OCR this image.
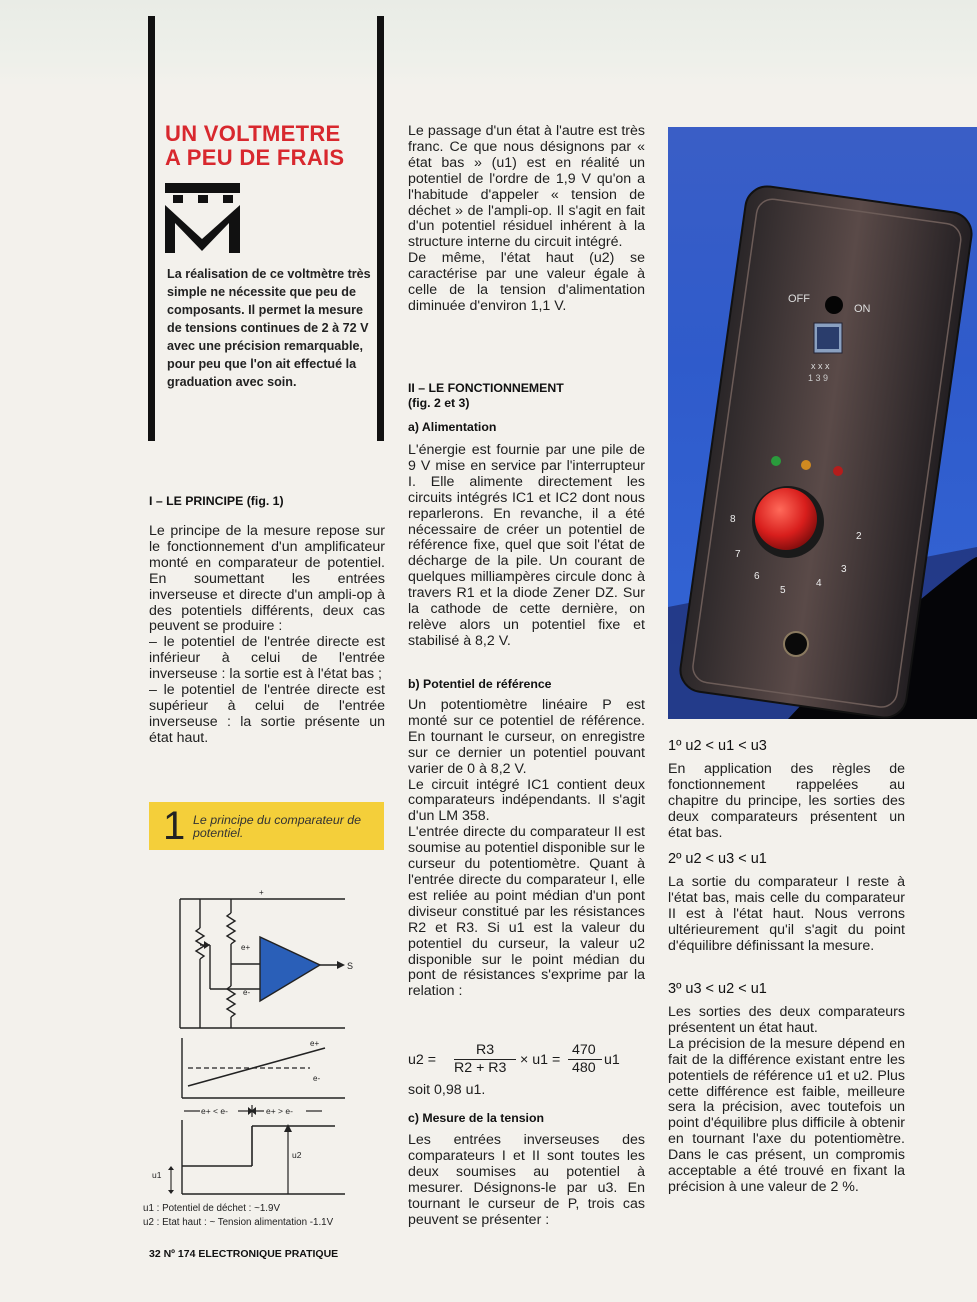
UN VOLTMETRE
A PEU DE FRAIS
La réalisation de ce voltmètre très simple ne nécessite que peu de composants. Il permet la mesure de tensions continues de 2 à 72 V avec une précision remarquable, pour peu que l'on ait effectué la graduation avec soin.
I – LE PRINCIPE (fig. 1)

Le principe de la mesure repose sur le fonctionnement d'un amplificateur monté en comparateur de potentiel. En soumettant les entrées inverseuse et directe d'un ampli-op à des potentiels différents, deux cas peuvent se produire :

– le potentiel de l'entrée directe est inférieur à celui de l'entrée inverseuse : la sortie est à l'état bas ;

– le potentiel de l'entrée directe est supérieur à celui de l'entrée inverseuse : la sortie présente un état haut.

1 Le principe du comparateur de potentiel.
+
e+
e-
S
e+
e-
e+ < e-	e+ > e-
u2
u1
u1 : Potentiel de déchet : ~1.9V
u2 : Etat haut : ~ Tension alimentation -1.1V
32 Nº 174 ELECTRONIQUE PRATIQUE

Le passage d'un état à l'autre est très franc. Ce que nous désignons par « état bas » (u1) est en réalité un potentiel de l'ordre de 1,9 V qu'on a l'habitude d'appeler « tension de déchet » de l'ampli-op. Il s'agit en fait d'un potentiel résiduel inhérent à la structure interne du circuit intégré.

De même, l'état haut (u2) se caractérise par une valeur égale à celle de la tension d'alimentation diminuée d'environ 1,1 V.

II – LE FONCTIONNEMENT
(fig. 2 et 3)
a) Alimentation
L'énergie est fournie par une pile de 9 V mise en service par l'interrupteur I. Elle alimente directement les circuits intégrés IC1 et IC2 dont nous reparlerons. En revanche, il a été nécessaire de créer un potentiel de référence fixe, quel que soit l'état de décharge de la pile. Un courant de quelques milliampères circule donc à travers R1 et la diode Zener DZ. Sur la cathode de cette dernière, on relève alors un potentiel fixe et stabilisé à 8,2 V.
b) Potentiel de référence

Un potentiomètre linéaire P est monté sur ce potentiel de référence. En tournant le curseur, on enregistre sur ce dernier un potentiel pouvant varier de 0 à 8,2 V.

Le circuit intégré IC1 contient deux comparateurs indépendants. Il s'agit d'un LM 358.

L'entrée directe du comparateur II est soumise au potentiel disponible sur le curseur du potentiomètre. Quant à l'entrée directe du comparateur I, elle est reliée au point médian d'un pont diviseur constitué par les résistances R2 et R3. Si u1 est la valeur du potentiel du curseur, la valeur u2 disponible sur le point médian du pont de résistances s'exprime par la relation :

u2 =
R3
R2 + R3 × u1 =
470
480 u1
soit 0,98 u1.
c) Mesure de la tension
Les entrées inverseuses des comparateurs I et II sont toutes les deux soumises au potentiel à mesurer. Désignons-le par u3. En tournant le curseur de P, trois cas peuvent se présenter :
OFF
ON
x x x
1 3 9
8
7
6
5
4
3
2
1º u2 < u1 < u3
En application des règles de fonctionnement rappelées au chapitre du principe, les sorties des deux comparateurs présentent un état bas.
2º u2 < u3 < u1
La sortie du comparateur I reste à l'état bas, mais celle du comparateur II est à l'état haut. Nous verrons ultérieurement qu'il s'agit du point d'équilibre définissant la mesure.
3º u3 < u2 < u1

Les sorties des deux comparateurs présentent un état haut.

La précision de la mesure dépend en fait de la différence existant entre les potentiels de référence u1 et u2. Plus cette différence est faible, meilleure sera la précision, avec toutefois un point d'équilibre plus difficile à obtenir en tournant l'axe du potentiomètre. Dans le cas présent, un compromis acceptable a été trouvé en fixant la précision à une valeur de 2 %.
